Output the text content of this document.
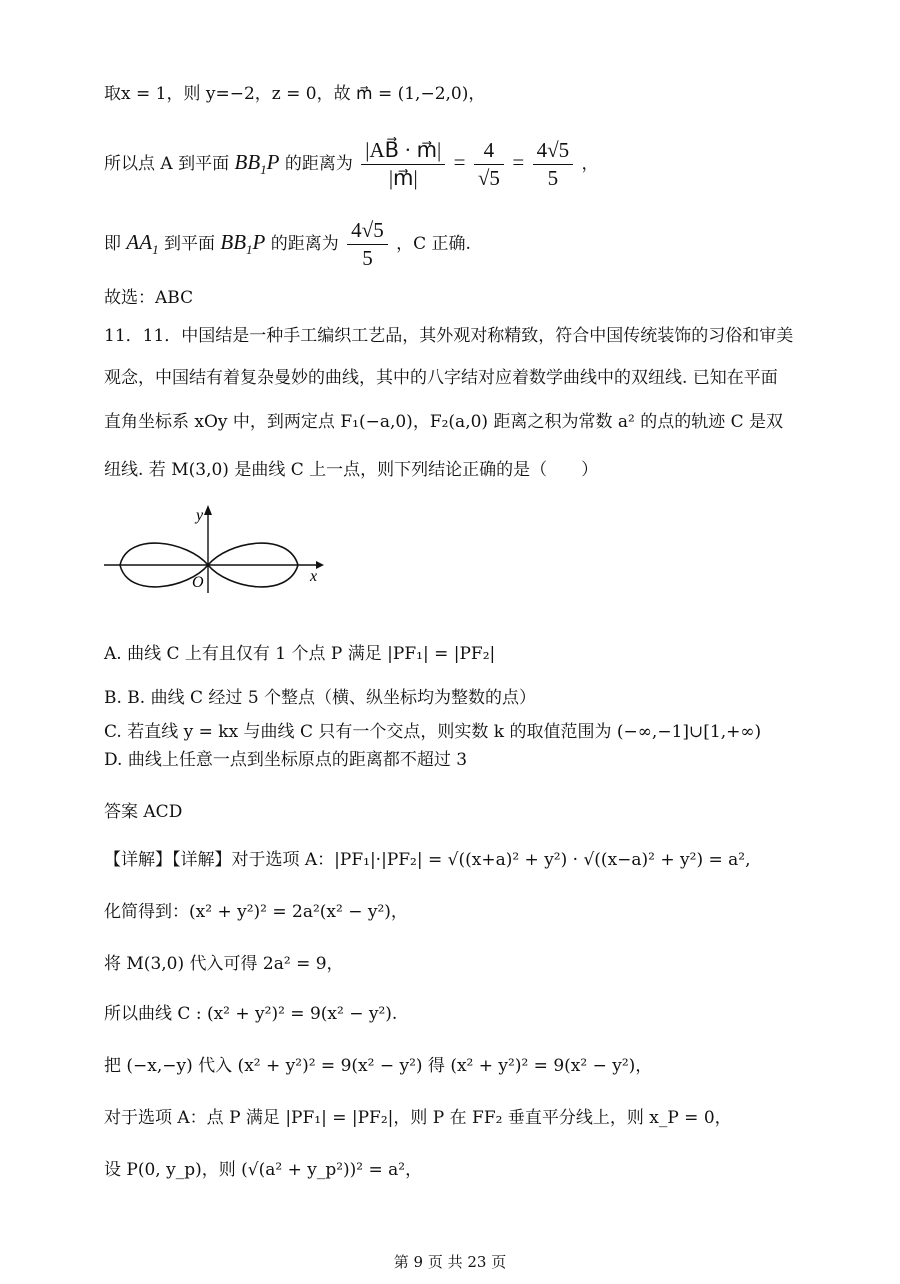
取x = 1，则 y=−2，z = 0，故 m⃗ = (1,−2,0)，
所以点 A 到平面 $BB_1P$ 的距离为 $\frac{|AB⃗ \cdot m⃗|}{|m⃗|} = \frac{4}{√5} = \frac{4√5}{5}$ ，
即 $AA_1$ 到平面 $BB_1P$ 的距离为 $\frac{4√5}{5}$ ，C 正确.
故选：ABC
11．11．中国结是一种手工编织工艺品，其外观对称精致，符合中国传统装饰的习俗和审美
观念，中国结有着复杂曼妙的曲线，其中的八字结对应着数学曲线中的双纽线. 已知在平面
直角坐标系 xOy 中，到两定点 F₁(−a,0)，F₂(a,0) 距离之积为常数 a² 的点的轨迹 C 是双
纽线. 若 M(3,0) 是曲线 C 上一点，则下列结论正确的是（　　）
y
x
O
A. 曲线 C 上有且仅有 1 个点 P 满足 |PF₁| = |PF₂|
B. B. 曲线 C 经过 5 个整点（横、纵坐标均为整数的点）
C. 若直线 y = kx 与曲线 C 只有一个交点，则实数 k 的取值范围为 (−∞,−1]∪[1,+∞)
D. 曲线上任意一点到坐标原点的距离都不超过 3
答案 ACD
【详解】【详解】对于选项 A：|PF₁|·|PF₂| = √((x+a)² + y²) · √((x−a)² + y²) = a²,
化简得到：(x² + y²)² = 2a²(x² − y²)，
将 M(3,0) 代入可得 2a² = 9，
所以曲线 C : (x² + y²)² = 9(x² − y²).
把 (−x,−y) 代入 (x² + y²)² = 9(x² − y²) 得 (x² + y²)² = 9(x² − y²)，
对于选项 A：点 P 满足 |PF₁| = |PF₂|，则 P 在 FF₂ 垂直平分线上，则 x_P = 0，
设 P(0, y_p)，则 (√(a² + y_p²))² = a²，
第 9 页 共 23 页
